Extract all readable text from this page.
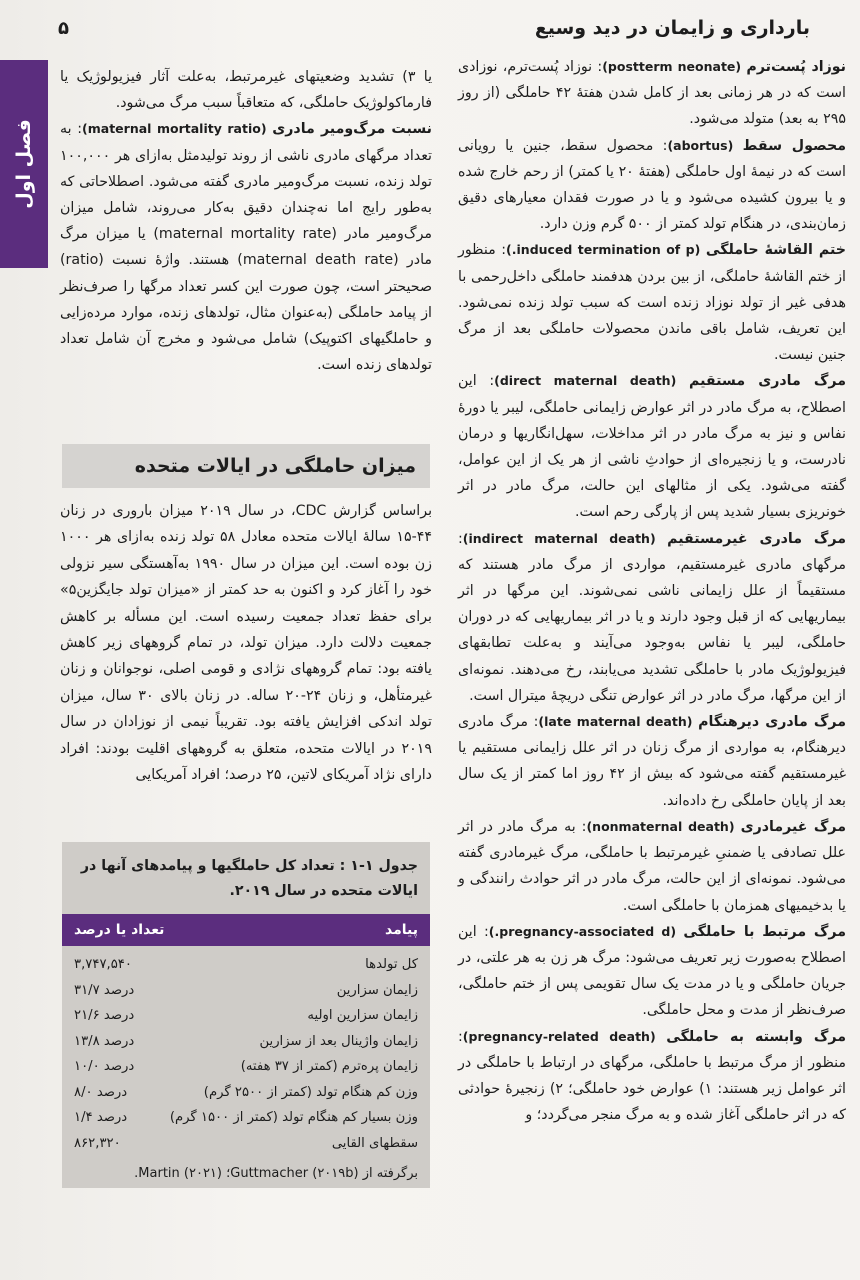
بارداری و زایمان در دید وسیع
۵
فصل اول

نوزاد پُست‌ترم (postterm neonate): نوزاد پُست‌ترم، نوزادی است که در هر زمانی بعد از کامل شدن هفتهٔ ۴۲ حاملگی (از روز ۲۹۵ به بعد) متولد می‌شود.

محصول سقط (abortus): محصول سقط، جنین یا رویانی است که در نیمهٔ اول حاملگی (هفتهٔ ۲۰ یا کمتر) از رحم خارج شده و یا بیرون کشیده می‌شود و یا در صورت فقدان معیارهای دقیق زمان‌بندی، در هنگام تولد کمتر از ۵۰۰ گرم وزن دارد.

ختم القاشهٔ حاملگی (induced termination of p.): منظور از ختم القاشهٔ حاملگی، از بین بردن هدفمند حاملگی داخل‌رحمی با هدفی غیر از تولد نوزاد زنده است که سبب تولد زنده نمی‌شود. این تعریف، شامل باقی ماندن محصولات حاملگی بعد از مرگ جنین نیست.

مرگ مادری مستقیم (direct maternal death): این اصطلاح، به مرگ مادر در اثر عوارض زایمانی حاملگی، لیبر یا دورهٔ نفاس و نیز به مرگ مادر در اثر مداخلات، سهل‌انگاریها و درمان نادرست، و یا زنجیره‌ای از حوادثِ ناشی از هر یک از این عوامل، گفته می‌شود. یکی از مثالهای این حالت، مرگ مادر در اثر خونریزی بسیار شدید پس از پارگی رحم است.

مرگ مادری غیرمستقیم (indirect maternal death): مرگهای مادری غیرمستقیم، مواردی از مرگ مادر هستند که مستقیماً از علل زایمانی ناشی نمی‌شوند. این مرگها در اثر بیماریهایی که از قبل وجود دارند و یا در اثر بیماریهایی که در دوران حاملگی، لیبر یا نفاس به‌وجود می‌آیند و به‌علت تطابقهای فیزیولوژیک مادر با حاملگی تشدید می‌یابند، رخ می‌دهند. نمونه‌ای از این مرگها، مرگ مادر در اثر عوارض تنگی دریچهٔ میترال است.

مرگ مادری دیرهنگام (late maternal death): مرگ مادری دیرهنگام، به مواردی از مرگ زنان در اثر علل زایمانی مستقیم یا غیرمستقیم گفته می‌شود که بیش از ۴۲ روز اما کمتر از یک سال بعد از پایان حاملگی رخ داده‌اند.

مرگ غیرمادری (nonmaternal death): به مرگ مادر در اثر علل تصادفی یا ضمنیِ غیرمرتبط با حاملگی، مرگ غیرمادری گفته می‌شود. نمونه‌ای از این حالت، مرگ مادر در اثر حوادث رانندگی و یا بدخیمیهای همزمان با حاملگی است.

مرگ مرتبط با حاملگی (pregnancy-associated d.): این اصطلاح به‌صورت زیر تعریف می‌شود: مرگ هر زن به هر علتی، در جریان حاملگی و یا در مدت یک سال تقویمی پس از ختم حاملگی، صرف‌نظر از مدت و محل حاملگی.

مرگ وابسته به حاملگی (pregnancy-related death): منظور از مرگ مرتبط با حاملگی، مرگهای در ارتباط با حاملگی در اثر عوامل زیر هستند: ۱) عوارض خود حاملگی؛ ۲) زنجیرهٔ حوادثی که در اثر حاملگی آغاز شده و به مرگ منجر می‌گردد؛ و

یا ۳) تشدید وضعیتهای غیرمرتبط، به‌علت آثار فیزیولوژیک یا فارماکولوژیک حاملگی، که متعاقباً سبب مرگ می‌شود.

نسبت مرگ‌ومیر مادری (maternal mortality ratio): به تعداد مرگهای مادری ناشی از روند تولیدمثل به‌ازای هر ۱۰۰,۰۰۰ تولد زنده، نسبت مرگ‌ومیر مادری گفته می‌شود. اصطلاحاتی که به‌طور رایج اما نه‌چندان دقیق به‌کار می‌روند، شامل میزان مرگ‌ومیر مادر (maternal mortality rate) یا میزان مرگ مادر (maternal death rate) هستند. واژهٔ نسبت (ratio) صحیحتر است، چون صورت این کسر تعداد مرگها را صرف‌نظر از پیامد حاملگی (به‌عنوان مثال، تولدهای زنده، موارد مرده‌زایی و حاملگیهای اکتوپیک) شامل می‌شود و مخرج آن شامل تعداد تولدهای زنده است.

میزان حاملگی در ایالات متحده

براساس گزارش CDC، در سال ۲۰۱۹ میزان باروری در زنان ۴۴-۱۵ سالهٔ ایالات متحده معادل ۵۸ تولد زنده به‌ازای هر ۱۰۰۰ زن بوده است. این میزان در سال ۱۹۹۰ به‌آهستگی سیر نزولی خود را آغاز کرد و اکنون به حد کمتر از «میزان تولد جایگزین۵» برای حفظ تعداد جمعیت رسیده است. این مسأله بر کاهش جمعیت دلالت دارد. میزان تولد، در تمام گروههای زیر کاهش یافته بود: تمام گروههای نژادی و قومی اصلی، نوجوانان و زنان غیرمتأهل، و زنان ۲۴-۲۰ ساله. در زنان بالای ۳۰ سال، میزان تولد اندکی افزایش یافته بود. تقریباً نیمی از نوزادان در سال ۲۰۱۹ در ایالات متحده، متعلق به گروههای اقلیت بودند: افراد دارای نژاد آمریکای لاتین، ۲۵ درصد؛ افراد آمریکایی

جدول ۱-۱ : تعداد کل حاملگیها و پیامدهای آنها در ایالات متحده در سال ۲۰۱۹.
پیامد
تعداد یا درصد
کل تولدها
۳,۷۴۷,۵۴۰
زایمان سزارین
۳۱/۷ درصد
زایمان سزارین اولیه
۲۱/۶ درصد
زایمان واژینال بعد از سزارین
۱۳/۸ درصد
زایمان پره‌ترم (کمتر از ۳۷ هفته)
۱۰/۰ درصد
وزن کم هنگام تولد (کمتر از ۲۵۰۰ گرم)
۸/۰ درصد
وزن بسیار کم هنگام تولد (کمتر از ۱۵۰۰ گرم)
۱/۴ درصد
سقطهای القایی
۸۶۲,۳۲۰
برگرفته از Guttmacher (۲۰۱۹b)؛ Martin (۲۰۲۱).
